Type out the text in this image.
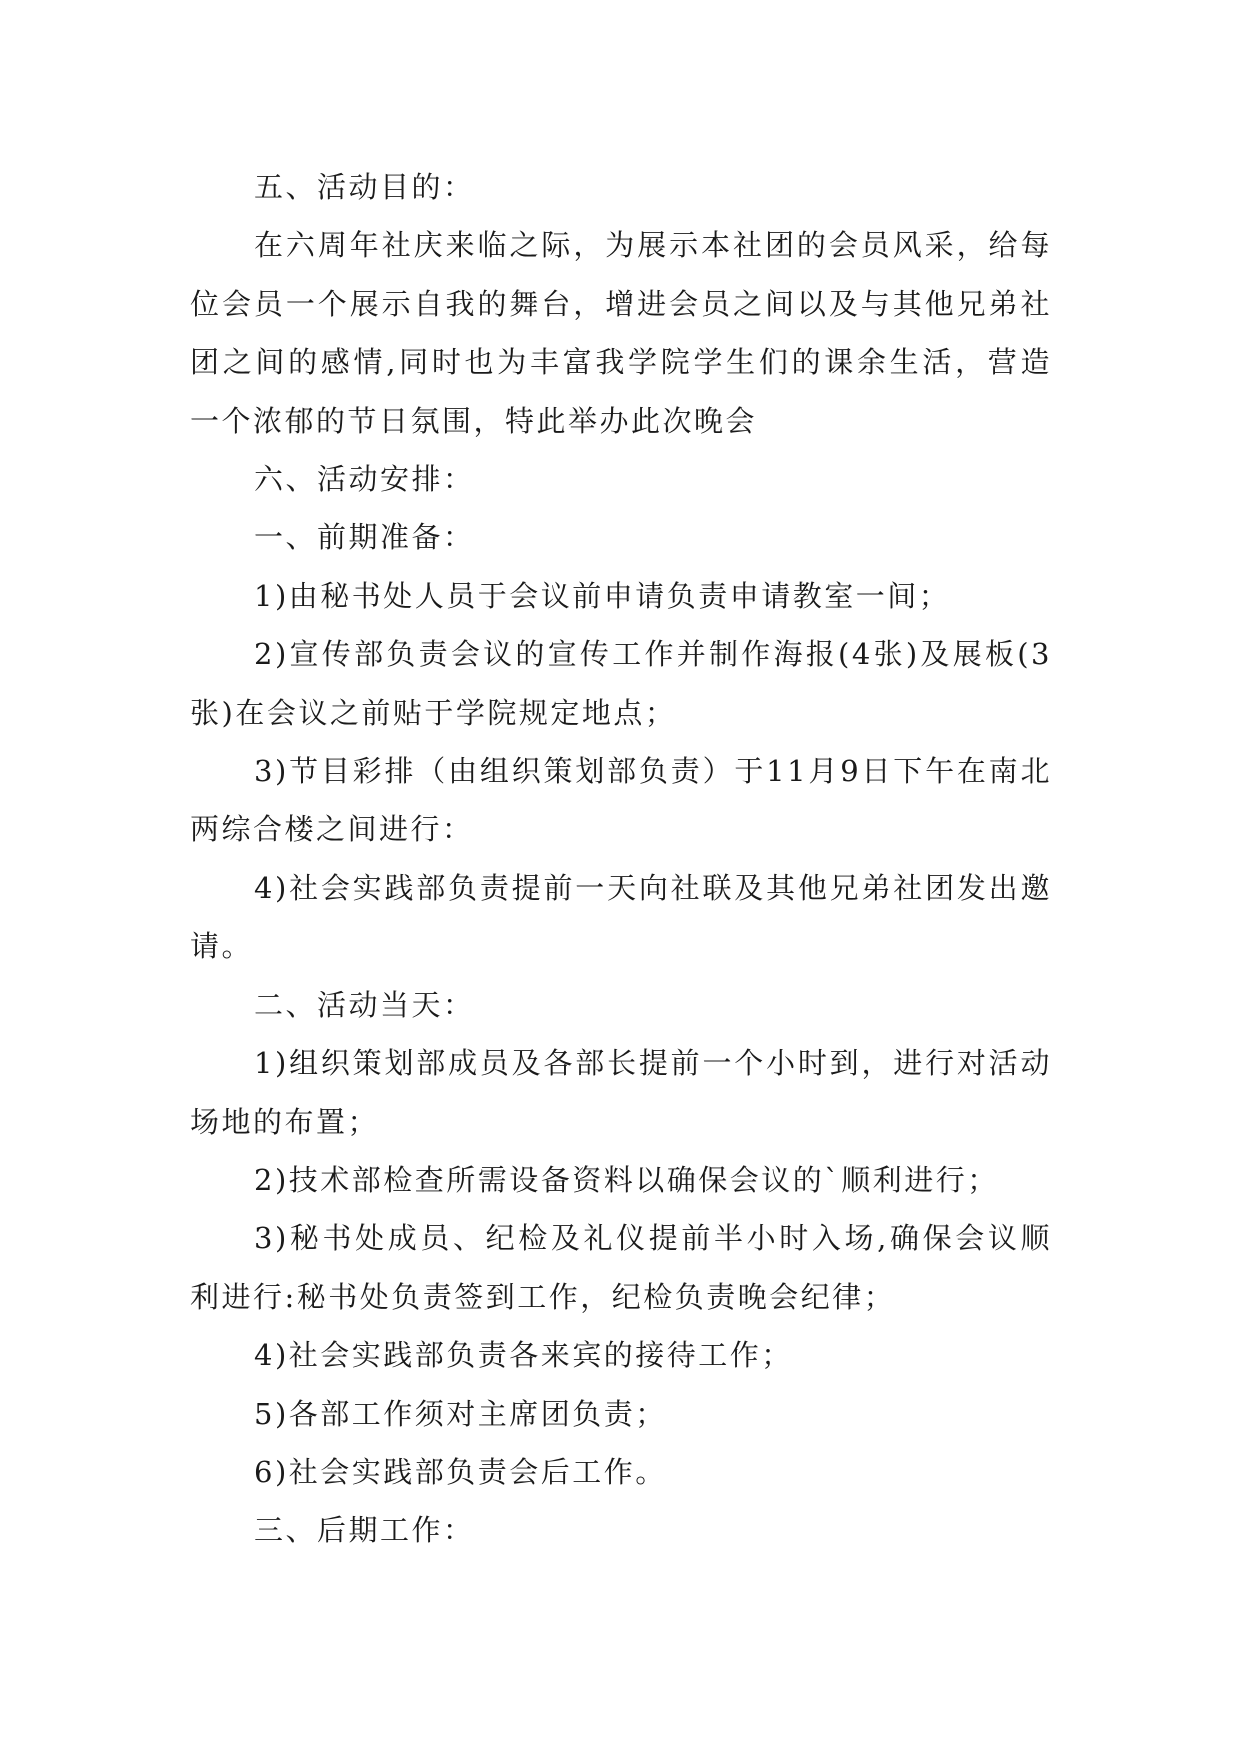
五、活动目的：

在六周年社庆来临之际，为展示本社团的会员风采，给每位会员一个展示自我的舞台，增进会员之间以及与其他兄弟社团之间的感情,同时也为丰富我学院学生们的课余生活，营造一个浓郁的节日氛围，特此举办此次晚会

六、活动安排：

一、前期准备：

1)由秘书处人员于会议前申请负责申请教室一间；

2)宣传部负责会议的宣传工作并制作海报(4张)及展板(3张)在会议之前贴于学院规定地点；

3)节目彩排（由组织策划部负责）于11月9日下午在南北两综合楼之间进行：

4)社会实践部负责提前一天向社联及其他兄弟社团发出邀请。

二、活动当天：

1)组织策划部成员及各部长提前一个小时到，进行对活动场地的布置；

2)技术部检查所需设备资料以确保会议的`顺利进行；

3)秘书处成员、纪检及礼仪提前半小时入场,确保会议顺利进行:秘书处负责签到工作，纪检负责晚会纪律；

4)社会实践部负责各来宾的接待工作；

5)各部工作须对主席团负责；

6)社会实践部负责会后工作。

三、后期工作：
